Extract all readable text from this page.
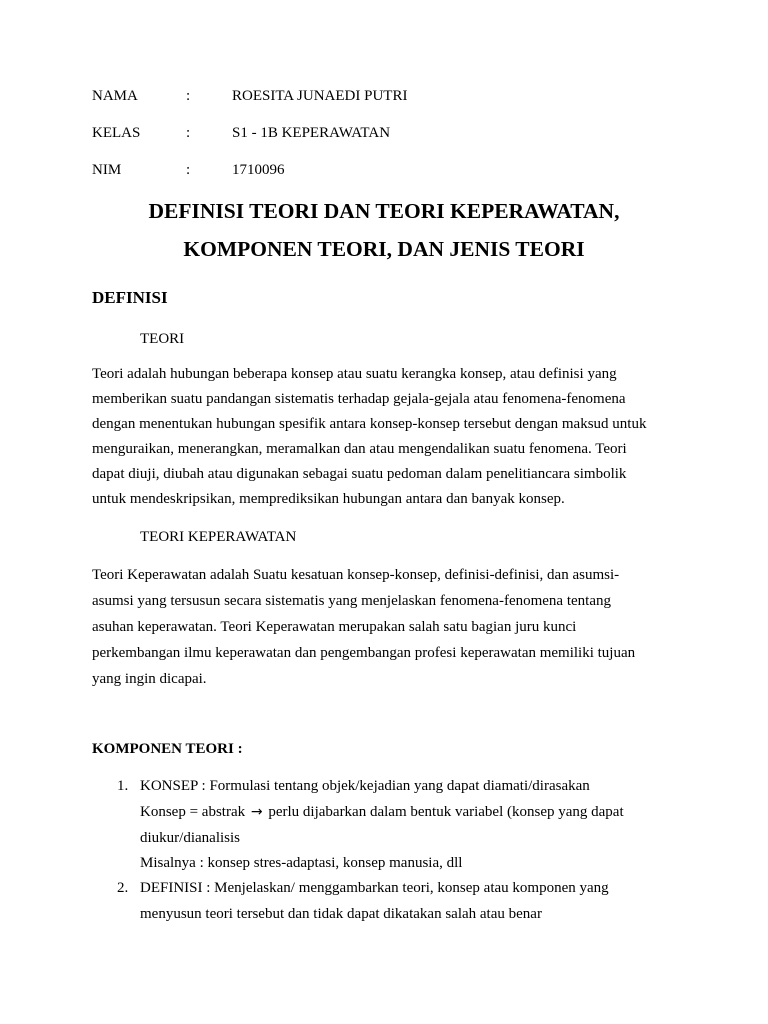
NAMA	:	ROESITA JUNAEDI PUTRI
KELAS	:	S1 - 1B KEPERAWATAN
NIM	:	1710096
DEFINISI TEORI DAN TEORI KEPERAWATAN,
KOMPONEN TEORI, DAN JENIS TEORI
DEFINISI
TEORI
Teori adalah hubungan beberapa konsep atau suatu kerangka konsep, atau definisi yang
memberikan suatu pandangan sistematis terhadap gejala-gejala atau fenomena-fenomena
dengan menentukan hubungan spesifik antara konsep-konsep tersebut dengan maksud untuk
menguraikan, menerangkan, meramalkan dan atau mengendalikan suatu fenomena. Teori
dapat diuji, diubah atau digunakan sebagai suatu pedoman dalam penelitiancara simbolik
untuk mendeskripsikan, memprediksikan hubungan antara dan banyak konsep.
TEORI KEPERAWATAN
Teori Keperawatan adalah Suatu kesatuan konsep-konsep, definisi-definisi, dan asumsi-
asumsi yang tersusun secara sistematis yang menjelaskan fenomena-fenomena tentang
asuhan keperawatan. Teori Keperawatan merupakan salah satu bagian juru kunci
perkembangan ilmu keperawatan dan pengembangan profesi keperawatan memiliki tujuan
yang ingin dicapai.
KOMPONEN TEORI :
1. KONSEP : Formulasi tentang objek/kejadian yang dapat diamati/dirasakan
Konsep = abstrak → perlu dijabarkan dalam bentuk variabel (konsep yang dapat
diukur/dianalisis
Misalnya : konsep stres-adaptasi, konsep manusia, dll
2. DEFINISI : Menjelaskan/ menggambarkan teori, konsep atau komponen yang
menyusun teori tersebut dan tidak dapat dikatakan salah atau benar
